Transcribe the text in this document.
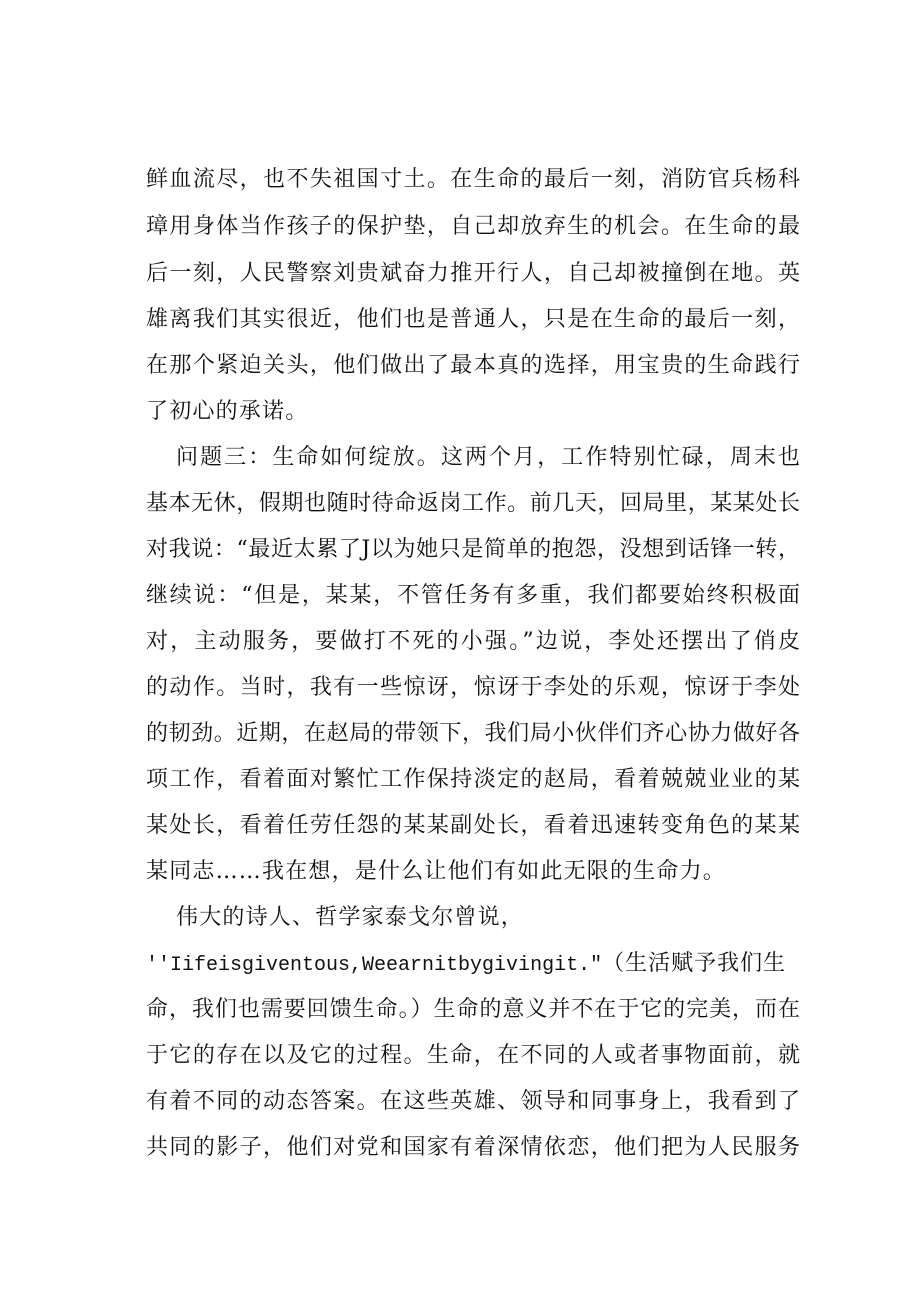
鲜血流尽，也不失祖国寸土。在生命的最后一刻，消防官兵杨科
璋用身体当作孩子的保护垫，自己却放弃生的机会。在生命的最
后一刻，人民警察刘贵斌奋力推开行人，自己却被撞倒在地。英
雄离我们其实很近，他们也是普通人，只是在生命的最后一刻，
在那个紧迫关头，他们做出了最本真的选择，用宝贵的生命践行
了初心的承诺。
问题三：生命如何绽放。这两个月，工作特别忙碌，周末也
基本无休，假期也随时待命返岗工作。前几天，回局里，某某处长
对我说：“最近太累了J以为她只是简单的抱怨，没想到话锋一转，
继续说：“但是，某某，不管任务有多重，我们都要始终积极面
对，主动服务，要做打不死的小强。”边说，李处还摆出了俏皮
的动作。当时，我有一些惊讶，惊讶于李处的乐观，惊讶于李处
的韧劲。近期，在赵局的带领下，我们局小伙伴们齐心协力做好各
项工作，看着面对繁忙工作保持淡定的赵局，看着兢兢业业的某
某处长，看着任劳任怨的某某副处长，看着迅速转变角色的某某
某同志……我在想，是什么让他们有如此无限的生命力。
伟大的诗人、哲学家泰戈尔曾说，
''Iifeisgiventous,Weearnitbygivingit."（生活赋予我们生
命，我们也需要回馈生命。）生命的意义并不在于它的完美，而在
于它的存在以及它的过程。生命，在不同的人或者事物面前，就
有着不同的动态答案。在这些英雄、领导和同事身上，我看到了
共同的影子，他们对党和国家有着深情依恋，他们把为人民服务
